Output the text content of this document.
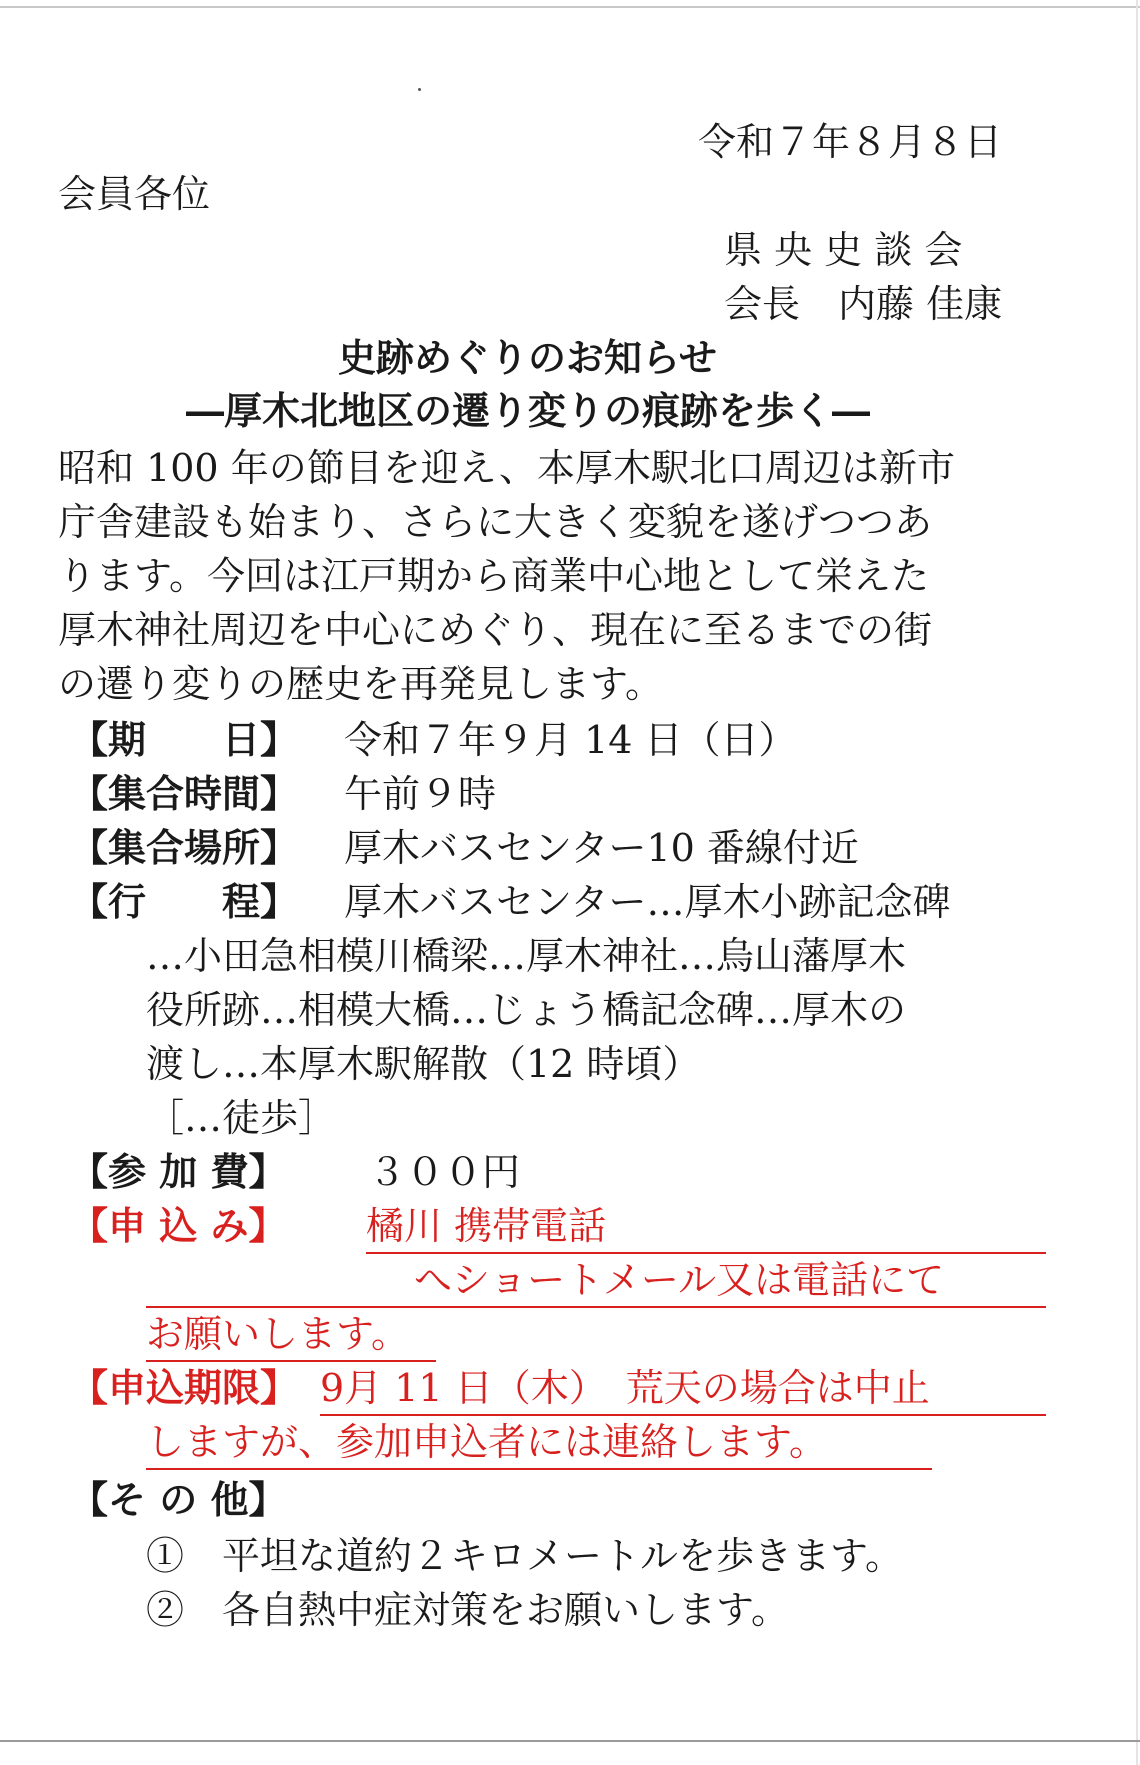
令和７年８月８日
会員各位
県 央 史 談 会
会長　内藤 佳康
史跡めぐりのお知らせ
―厚木北地区の遷り変りの痕跡を歩く―
昭和 100 年の節目を迎え、本厚木駅北口周辺は新市
庁舎建設も始まり、さらに大きく変貌を遂げつつあ
ります。今回は江戸期から商業中心地として栄えた
厚木神社周辺を中心にめぐり、現在に至るまでの街
の遷り変りの歴史を再発見します。
【期　　日】 令和７年９月 14 日（日）
【集合時間】 午前９時
【集合場所】 厚木バスセンター10 番線付近
【行　　程】 厚木バスセンター…厚木小跡記念碑
…小田急相模川橋梁…厚木神社…烏山藩厚木
役所跡…相模大橋…じょう橋記念碑…厚木の
渡し…本厚木駅解散（12 時頃）
［…徒歩］
【参 加 費】 ３００円
【申 込 み】 橘川 携帯電話
へショートメール又は電話にて
お願いします。
【申込期限】 9月 11 日（木）　荒天の場合は中止
しますが、参加申込者には連絡します。
【そ の 他】
①　平坦な道約２キロメートルを歩きます。
②　各自熱中症対策をお願いします。
